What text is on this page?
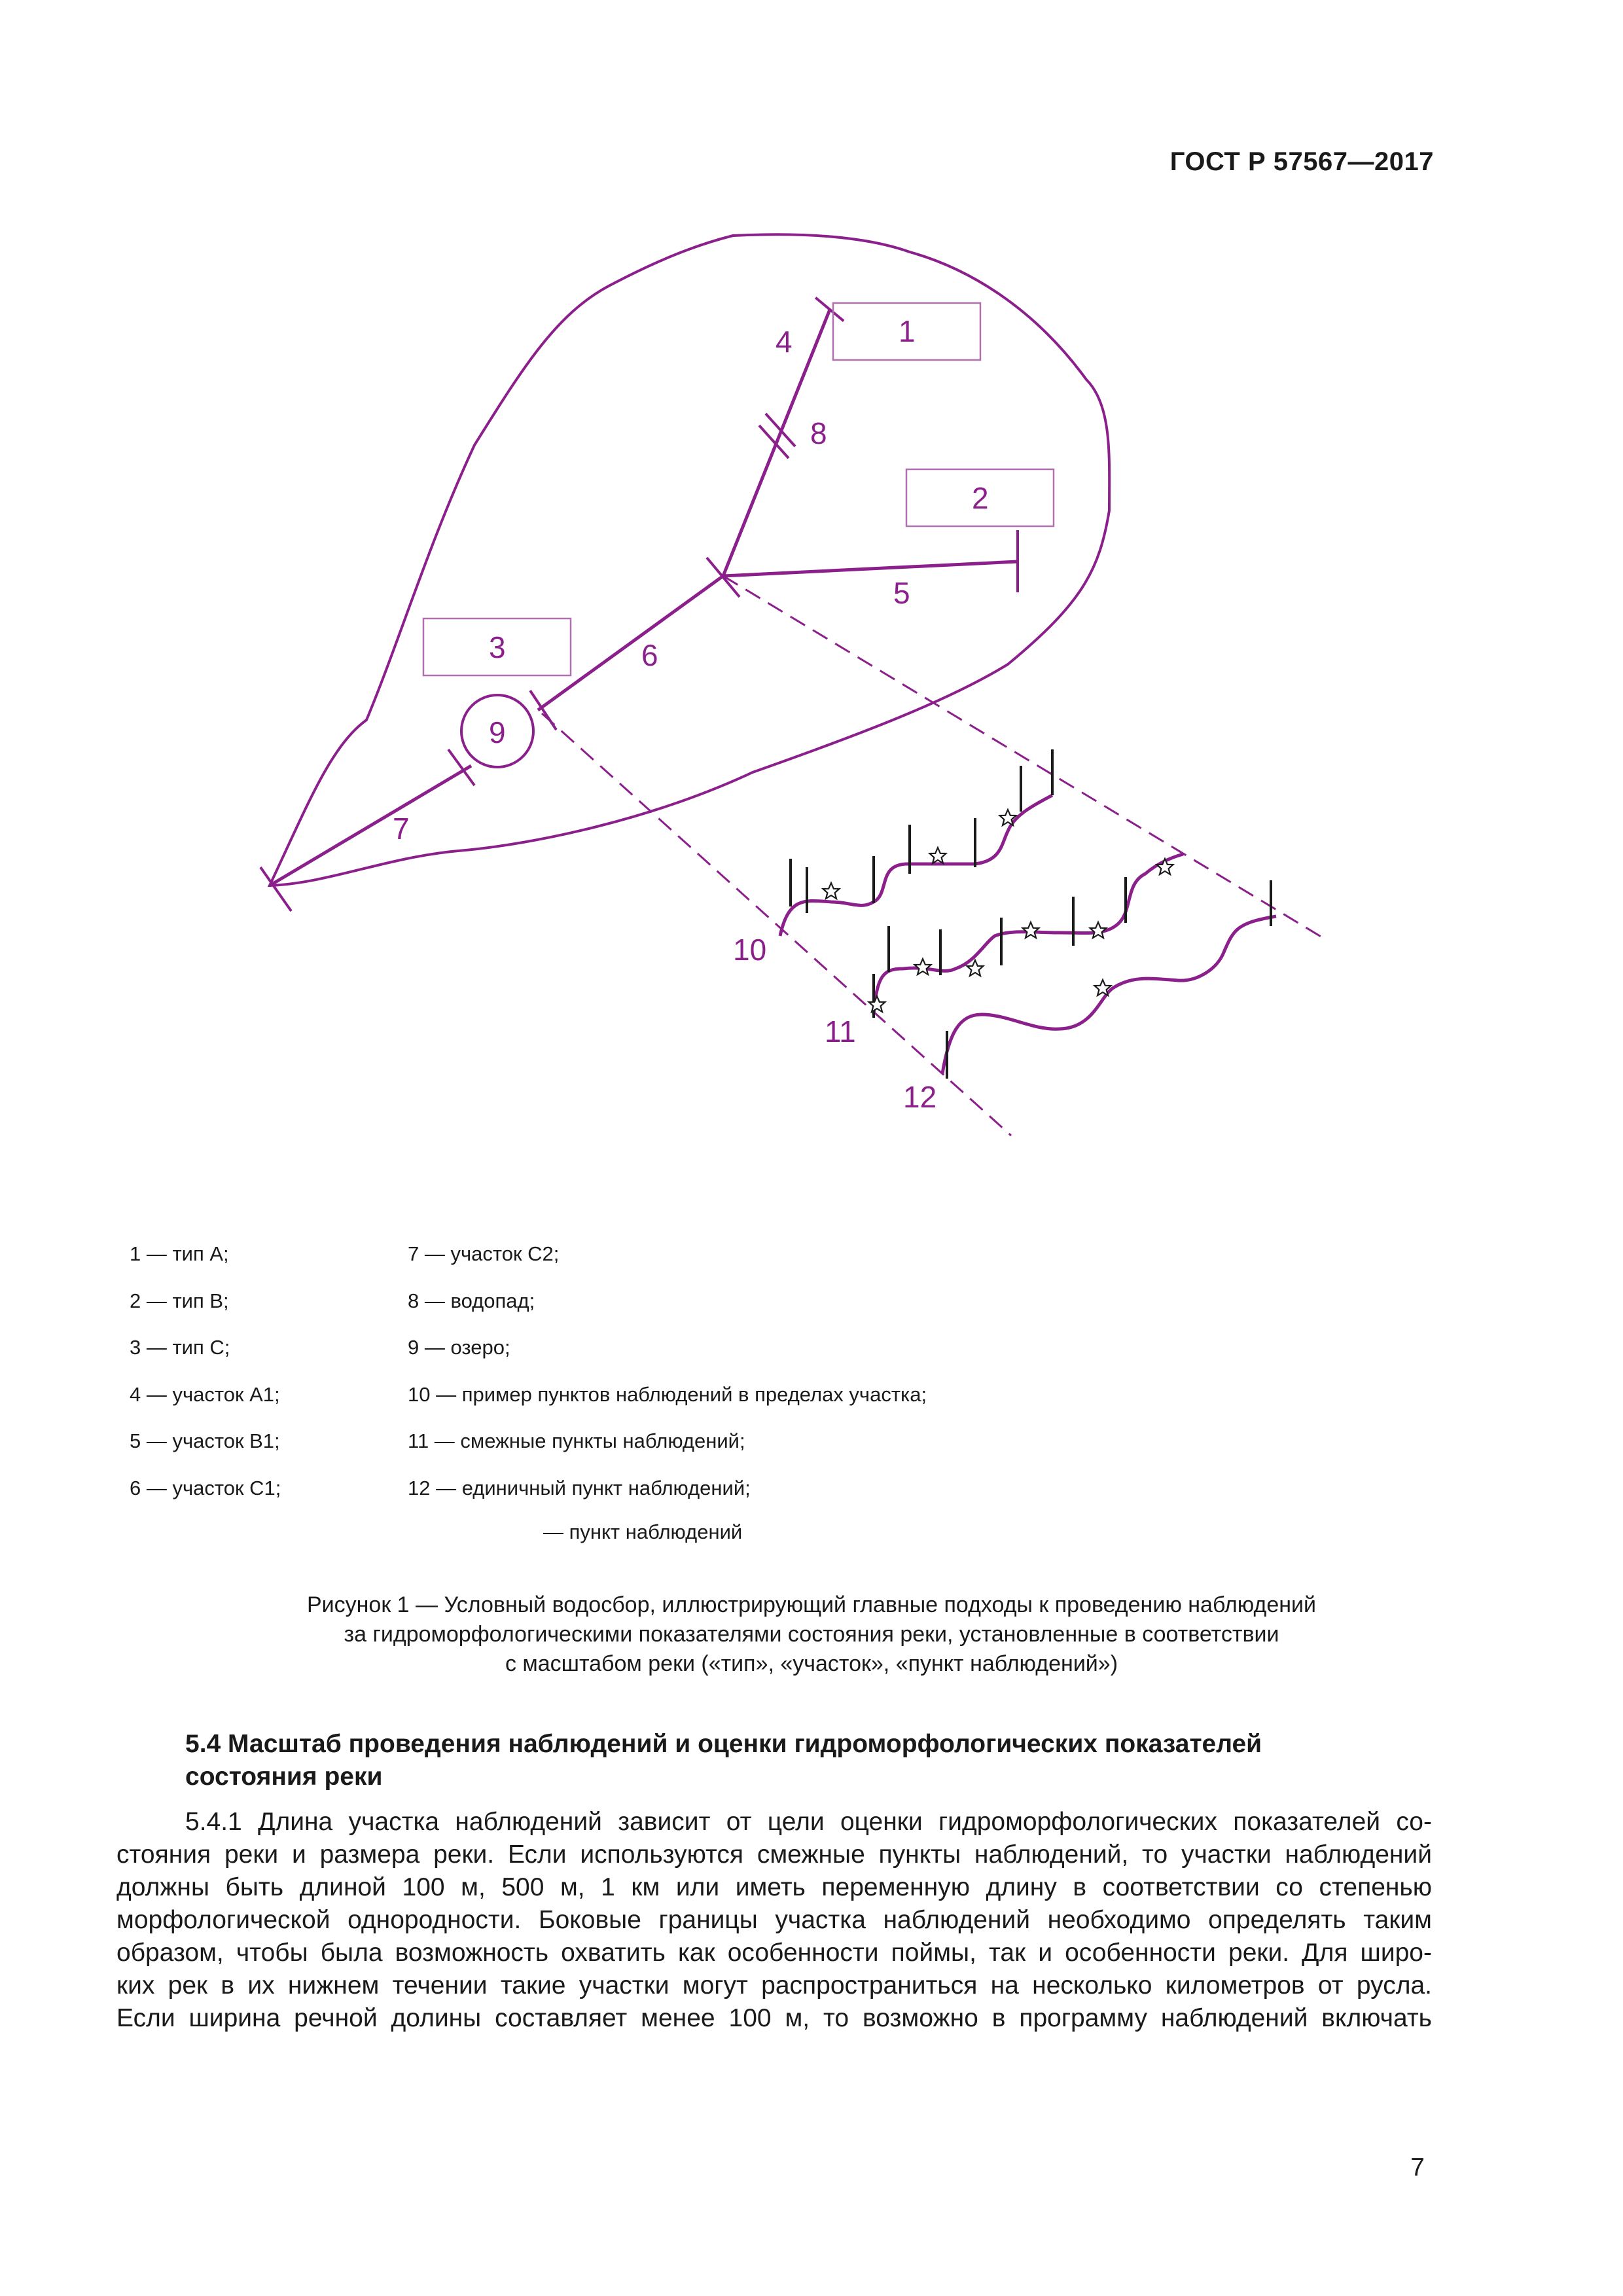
ГОСТ Р 57567—2017
1
2
3
4
5
6
7
8
9
10
11
12
1 — тип А;
2 — тип В;
3 — тип С;
4 — участок А1;
5 — участок В1;
6 — участок С1;
7 — участок С2;
8 — водопад;
9 — озеро;
10 — пример пунктов наблюдений в пределах участка;
11 — смежные пункты наблюдений;
12 — единичный пункт наблюдений;
— пункт наблюдений
Рисунок 1 — Условный водосбор, иллюстрирующий главные подходы к проведению наблюдений
за гидроморфологическими показателями состояния реки, установленные в соответствии
с масштабом реки («тип», «участок», «пункт наблюдений»)
5.4 Масштаб проведения наблюдений и оценки гидроморфологических показателей
состояния реки
5.4.1 Длина участка наблюдений зависит от цели оценки гидроморфологических показателей со-
стояния реки и размера реки. Если используются смежные пункты наблюдений, то участки наблюдений
должны быть длиной 100 м, 500 м, 1 км или иметь переменную длину в соответствии со степенью
морфологической однородности. Боковые границы участка наблюдений необходимо определять таким
образом, чтобы была возможность охватить как особенности поймы, так и особенности реки. Для широ-
ких рек в их нижнем течении такие участки могут распространиться на несколько километров от русла.
Если ширина речной долины составляет менее 100 м, то возможно в программу наблюдений включать
7
